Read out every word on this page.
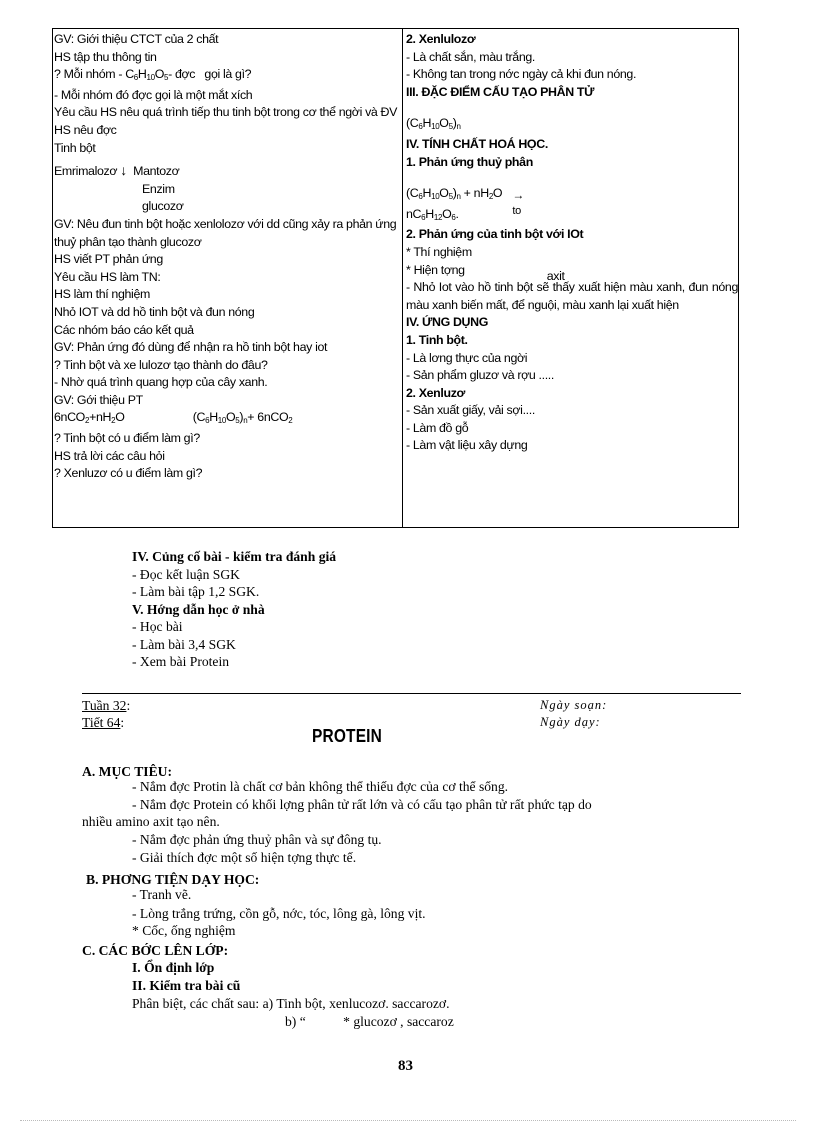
GV: Giới thiệu CTCT của 2 chất
HS tập thu thông tin
? Mỗi nhóm - $C_6H_{10}O_5-$ đợc   gọi là gì?
- Mỗi nhóm đó đợc gọi là một mắt xích
Yêu cầu HS nêu quá trình tiếp thu tinh bột trong cơ thể ngời và ĐV
HS nêu đợc
Tinh bột
Emrimalozơ ↓ Mantozơ
Enzim
glucozơ
GV: Nêu đun tinh bột hoặc xenlolozơ với dd cũng xảy ra phản ứng thuỷ phân tạo thành glucozơ
HS viết PT phản ứng
Yêu cầu HS làm TN:
HS làm thí nghiệm
Nhỏ IOT và dd hồ tinh bột và đun nóng
Các nhóm báo cáo kết quả
GV: Phản ứng đó dùng để nhận ra hồ tinh bột hay iot
? Tinh bột và xe lulozơ tạo thành do đâu?
- Nhờ quá trình quang hợp của cây xanh.
GV: Gới thiệu PT
$6nCO_2+nH_2O$	$(C_6H_{10}O_5)_n+ 6nCO_2$
? Tinh bột có u điểm làm gì?
HS trả lời các câu hỏi
? Xenluzơ có u điểm làm gì?
2. Xenlulozơ
- Là chất sắn, màu trắng.
- Không tan trong nớc ngày cả khi đun nóng.
III. ĐẶC ĐIỂM CẤU TẠO PHÂN TỬ
$(C_6H_{10}O_5)_n$
IV. TÍNH CHẤT HOÁ HỌC.
1. Phản ứng thuỷ phân
$(C_6H_{10}O_5)_n + nH_2O$ →
to
$nC_6H_{12}O_6$.
2. Phản ứng của tinh bột với IOt
* Thí nghiệm
* Hiện tợng	axit
- Nhỏ Iot vào hồ tinh bột sẽ thấy xuất hiện màu xanh, đun nóng màu xanh biến mất, để nguội, màu xanh lại xuất hiện
IV. ỨNG DỤNG
1. Tinh bột.
- Là lơng thực của ngời
- Sản phẩm gluzơ và rợu .....
2. Xenluzơ
- Sản xuất giấy, vải sợi....
- Làm đồ gỗ
- Làm vật liệu xây dựng
IV. Củng cố bài - kiểm tra đánh giá
- Đọc kết luận SGK
- Làm bài tập 1,2 SGK.
V. Hớng dẫn học ở nhà
- Học bài
- Làm bài 3,4 SGK
- Xem bài Protein
Tuần 32:
Tiết 64:
Ngày soạn:
Ngày dạy:
PROTEIN
A. MỤC TIÊU:
- Nắm đợc Protin là chất cơ bản không thể thiếu đợc của cơ thể sống.
- Nắm đợc Protein có khối lợng phân tử rất lớn và có cấu tạo phân tử rất phức tạp do
nhiều amino axit tạo nên.
- Nắm đợc phản ứng thuỷ phân và sự đông tụ.
- Giải thích đợc một số hiện tợng thực tế.
B. PHƠNG TIỆN DẠY HỌC:
- Tranh vẽ.
- Lòng trắng trứng, cồn gỗ, nớc, tóc, lông gà, lông vịt.
* Cốc, ống nghiệm
C. CÁC BỚC LÊN LỚP:
I. Ổn định lớp
II. Kiểm tra bài cũ
Phân biệt, các chất sau: a) Tinh bột, xenlucozơ. saccarozơ.
b) “           * glucozơ , saccaroz
83
